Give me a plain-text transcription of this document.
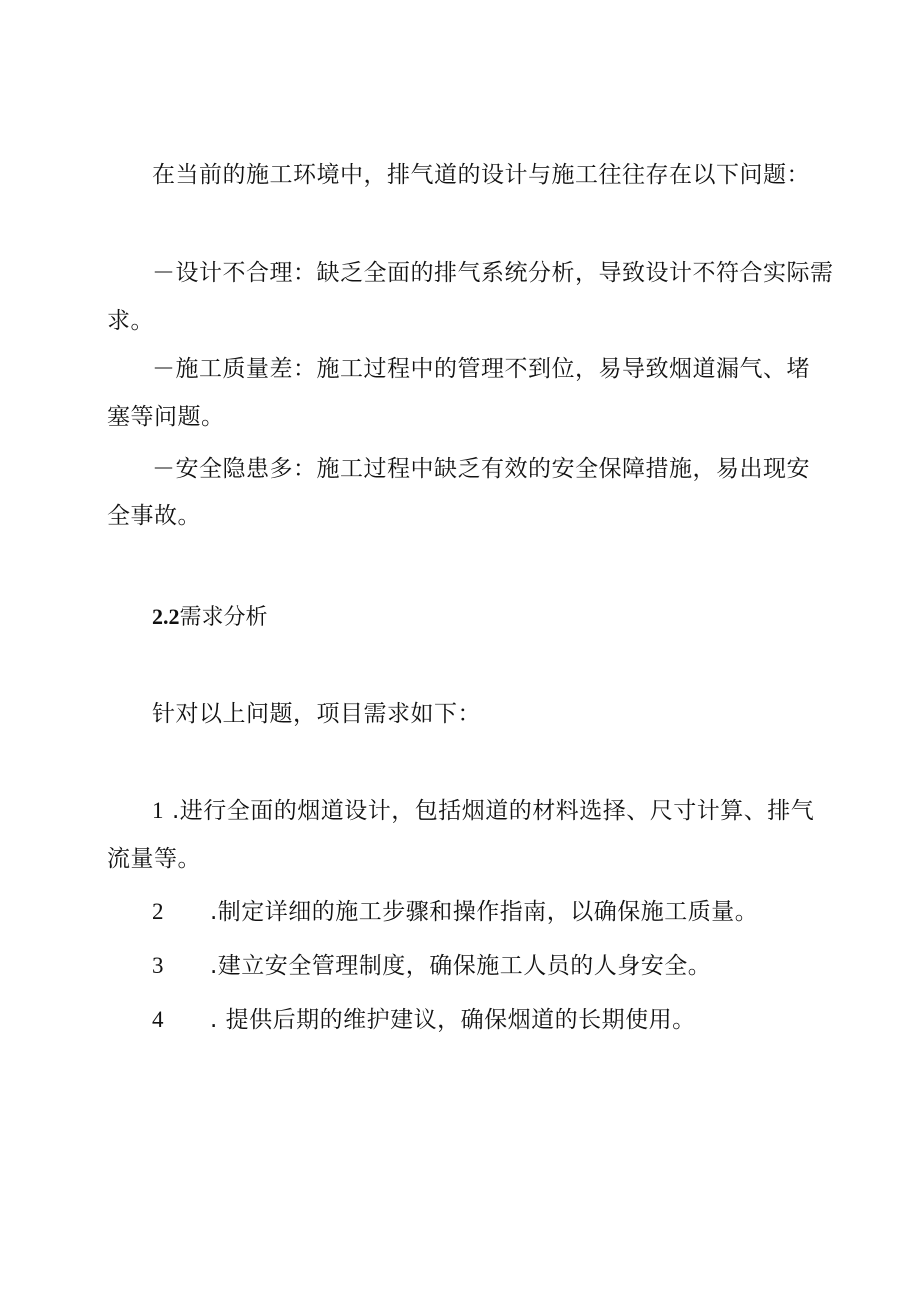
在当前的施工环境中，排气道的设计与施工往往存在以下问题：
－设计不合理：缺乏全面的排气系统分析，导致设计不符合实际需
求。
－施工质量差：施工过程中的管理不到位，易导致烟道漏气、堵
塞等问题。
－安全隐患多：施工过程中缺乏有效的安全保障措施，易出现安
全事故。
2.2需求分析
针对以上问题，项目需求如下：
1 .进行全面的烟道设计，包括烟道的材料选择、尺寸计算、排气
流量等。
2 .制定详细的施工步骤和操作指南，以确保施工质量。
3 .建立安全管理制度，确保施工人员的人身安全。
4 . 提供后期的维护建议，确保烟道的长期使用。
